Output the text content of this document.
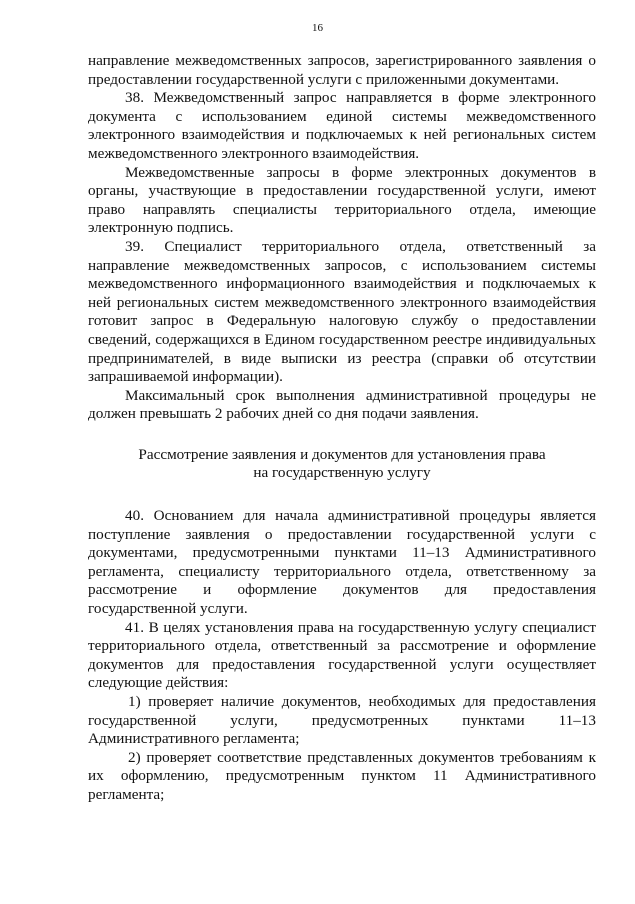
16

направление межведомственных запросов, зарегистрированного заявления о предоставлении государственной услуги с приложенными документами.

38. Межведомственный запрос направляется в форме электронного документа с использованием единой системы межведомственного электронного взаимодействия и подключаемых к ней региональных систем межведомственного электронного взаимодействия.

Межведомственные запросы в форме электронных документов в органы, участвующие в предоставлении государственной услуги, имеют право направлять специалисты территориального отдела, имеющие электронную подпись.

39. Специалист территориального отдела, ответственный за направление межведомственных запросов, с использованием системы межведомственного информационного взаимодействия и подключаемых к ней региональных систем межведомственного электронного взаимодействия готовит запрос в Федеральную налоговую службу о предоставлении сведений, содержащихся в Едином государственном реестре индивидуальных предпринимателей, в виде выписки из реестра (справки об отсутствии запрашиваемой информации).

Максимальный срок выполнения административной процедуры не должен превышать 2 рабочих дней со дня подачи заявления.

Рассмотрение заявления и документов для установления права
на государственную услугу

40. Основанием для начала административной процедуры является поступление заявления о предоставлении государственной услуги с документами, предусмотренными пунктами 11–13 Административного регламента, специалисту территориального отдела, ответственному за рассмотрение и оформление документов для предоставления государственной услуги.

41. В целях установления права на государственную услугу специалист территориального отдела, ответственный за рассмотрение и оформление документов для предоставления государственной услуги осуществляет следующие действия:

1) проверяет наличие документов, необходимых для предоставления государственной услуги, предусмотренных пунктами 11–13 Административного регламента;

2) проверяет соответствие представленных документов требованиям к их оформлению, предусмотренным пунктом 11 Административного регламента;
